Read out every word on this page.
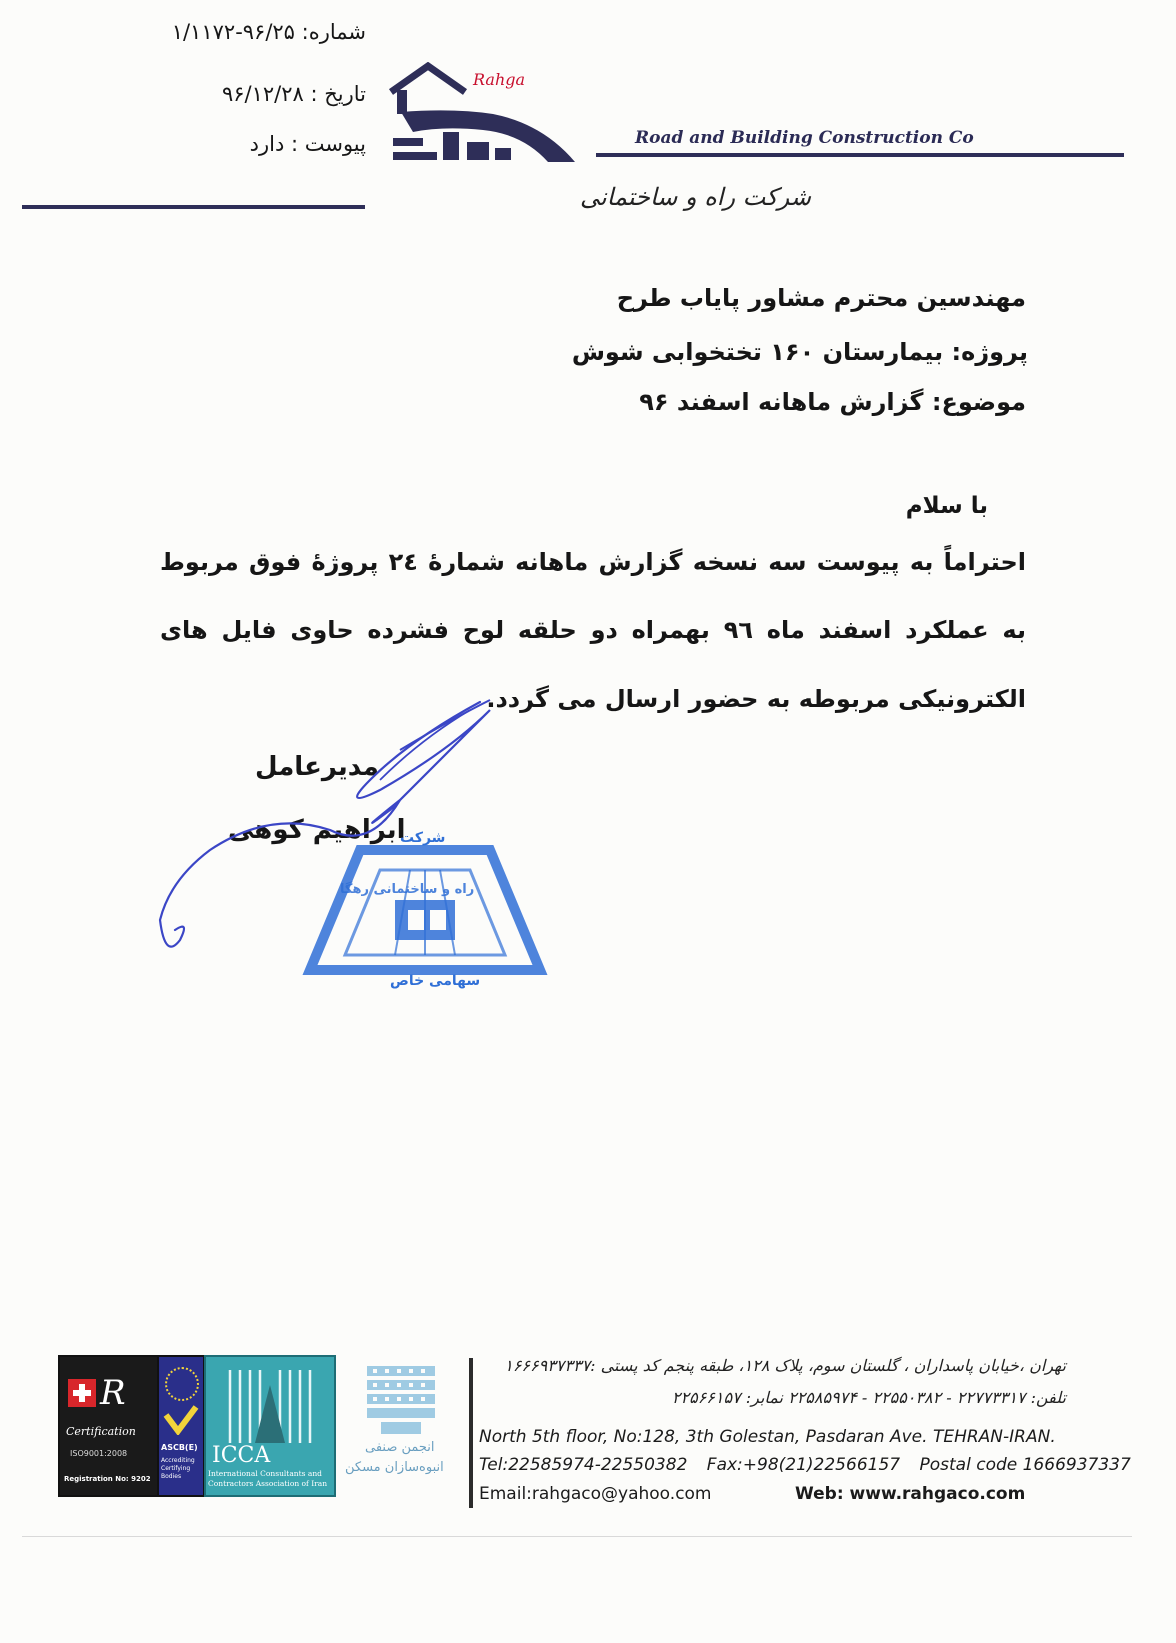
شماره: ۹۶/۲۵-۱/۱۱۷۲
تاریخ : ۹۶/۱۲/۲۸
پیوست : دارد
Rahga
Road and Building Construction Co
شرکت راه و ساختمانی
مهندسین محترم مشاور پایاب طرح
پروژه: بیمارستان ۱۶۰ تختخوابی شوش
موضوع: گزارش ماهانه اسفند ۹۶
با سلام
احتراماً به پیوست سه نسخه گزارش ماهانه شمارۀ ٢٤ پروژۀ فوق مربوط
به عملکرد اسفند ماه ٩٦ بهمراه دو حلقه لوح فشرده حاوی فایل های
الکترونیکی مربوطه به حضور ارسال می گردد.
مدیرعامل
ابراهیم کوهی
شرکت
راه و ساختمانی رهگا
سهامی خاص
R
Certification
ISO9001:2008
Registration No: 9202
ASCB(E)
Accrediting Certifying Bodies
ICCA
International Consultants and Contractors Association of Iran
انجمن صنفی
انبوه‌سازان مسکن
تهران ،خیابان پاسداران ، گلستان سوم، پلاک ۱۲۸، طبقه پنجم کد پستی :۱۶۶۶۹۳۷۳۳۷
تلفن: ۲۲۷۷۳۳۱۷ - ۲۲۵۵۰۳۸۲ - ۲۲۵۸۵۹۷۴ نمابر: ۲۲۵۶۶۱۵۷
North 5th floor, No:128, 3th Golestan, Pasdaran Ave. TEHRAN-IRAN.
Tel:22585974-22550382 Fax:+98(21)22566157 Postal code 1666937337
Email:rahgaco@yahoo.com	Web: www.rahgaco.com
